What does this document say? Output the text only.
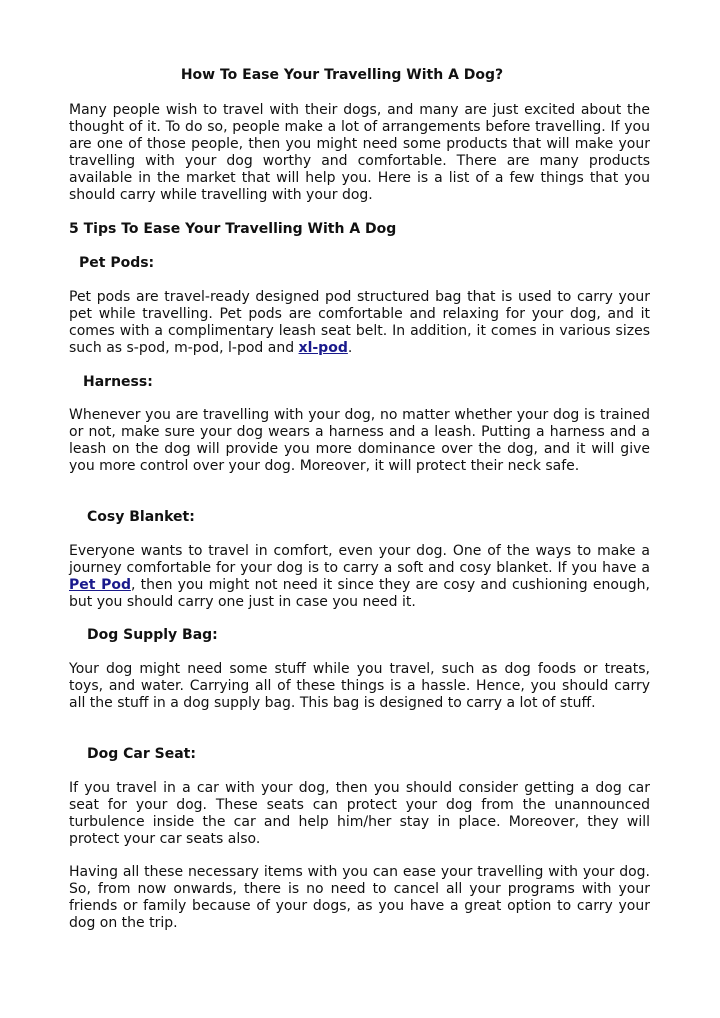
How To Ease Your Travelling With A Dog?

Many people wish to travel with their dogs, and many are just excited about the thought of it. To do so, people make a lot of arrangements before travelling. If you are one of those people, then you might need some products that will make your travelling with your dog worthy and comfortable. There are many products available in the market that will help you. Here is a list of a few things that you should carry while travelling with your dog.

5 Tips To Ease Your Travelling With A Dog

Pet Pods:

Pet pods are travel-ready designed pod structured bag that is used to carry your pet while travelling. Pet pods are comfortable and relaxing for your dog, and it comes with a complimentary leash seat belt. In addition, it comes in various sizes such as s-pod, m-pod, l-pod and xl-pod.

Harness:

Whenever you are travelling with your dog, no matter whether your dog is trained or not, make sure your dog wears a harness and a leash. Putting a harness and a leash on the dog will provide you more dominance over the dog, and it will give you more control over your dog. Moreover, it will protect their neck safe.

Cosy Blanket:

Everyone wants to travel in comfort, even your dog. One of the ways to make a journey comfortable for your dog is to carry a soft and cosy blanket. If you have a Pet Pod, then you might not need it since they are cosy and cushioning enough, but you should carry one just in case you need it.

Dog Supply Bag:

Your dog might need some stuff while you travel, such as dog foods or treats, toys, and water. Carrying all of these things is a hassle. Hence, you should carry all the stuff in a dog supply bag. This bag is designed to carry a lot of stuff.

Dog Car Seat:

If you travel in a car with your dog, then you should consider getting a dog car seat for your dog. These seats can protect your dog from the unannounced turbulence inside the car and help him/her stay in place. Moreover, they will protect your car seats also.

Having all these necessary items with you can ease your travelling with your dog. So, from now onwards, there is no need to cancel all your programs with your friends or family because of your dogs, as you have a great option to carry your dog on the trip.
